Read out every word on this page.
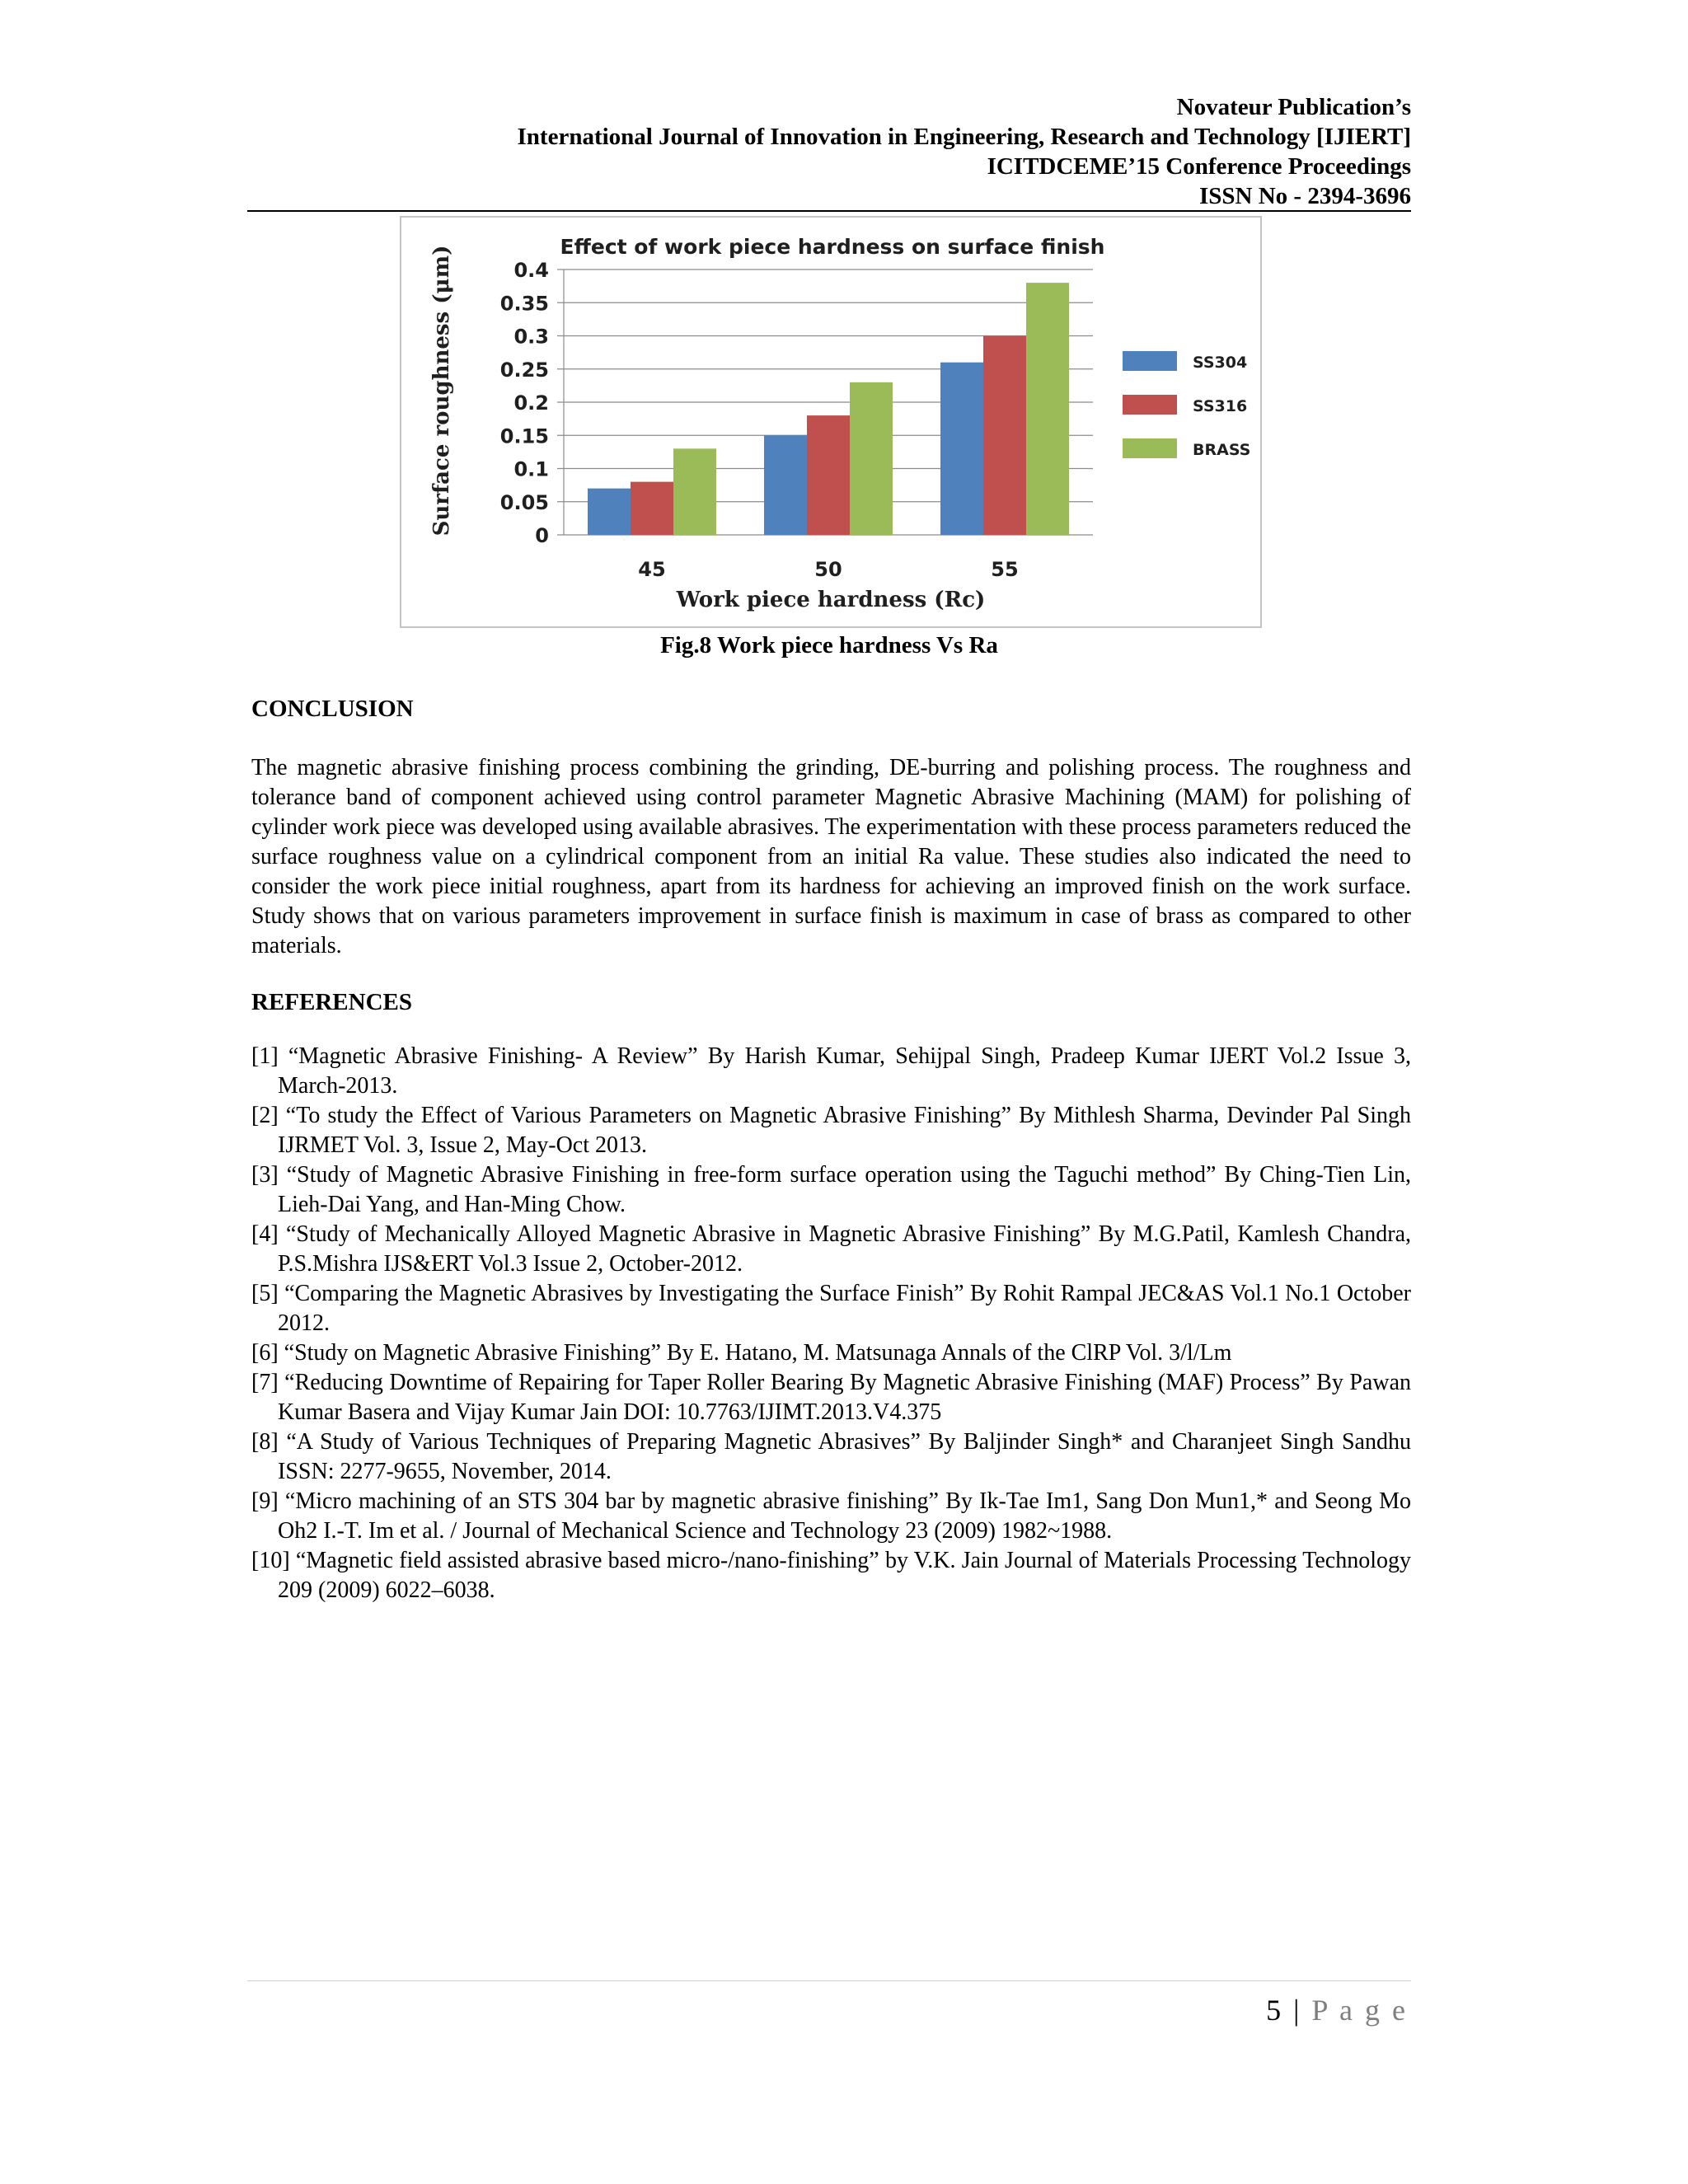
Novateur Publication’s
International Journal of Innovation in Engineering, Research and Technology [IJIERT]
ICITDCEME’15 Conference Proceedings
ISSN No - 2394-3696
0
0.05
0.1
0.15
0.2
0.25
0.3
0.35
0.4
45	50	55
SS304
SS316
BRASS
Effect of work piece hardness on surface finish
Work piece hardness (Rc)
Surface roughness (μm)
Fig.8 Work piece hardness Vs Ra
CONCLUSION

The magnetic abrasive finishing process combining the grinding, DE-burring and polishing process. The roughness and tolerance band of component achieved using control parameter Magnetic Abrasive Machining (MAM) for polishing of cylinder work piece was developed using available abrasives. The experimentation with these process parameters reduced the surface roughness value on a cylindrical component from an initial Ra value. These studies also indicated the need to consider the work piece initial roughness, apart from its hardness for achieving an improved finish on the work surface. Study shows that on various parameters improvement in surface finish is maximum in case of brass as compared to other materials.

REFERENCES
[1] “Magnetic Abrasive Finishing- A Review” By Harish Kumar, Sehijpal Singh, Pradeep Kumar IJERT Vol.2 Issue 3, March-2013.
[2] “To study the Effect of Various Parameters on Magnetic Abrasive Finishing” By Mithlesh Sharma, Devinder Pal Singh IJRMET Vol. 3, Issue 2, May-Oct 2013.
[3] “Study of Magnetic Abrasive Finishing in free-form surface operation using the Taguchi method” By Ching-Tien Lin, Lieh-Dai Yang, and Han-Ming Chow.
[4] “Study of Mechanically Alloyed Magnetic Abrasive in Magnetic Abrasive Finishing” By M.G.Patil, Kamlesh Chandra, P.S.Mishra IJS&ERT Vol.3 Issue 2, October-2012.
[5] “Comparing the Magnetic Abrasives by Investigating the Surface Finish” By Rohit Rampal JEC&AS Vol.1 No.1 October 2012.
[6] “Study on Magnetic Abrasive Finishing” By E. Hatano, M. Matsunaga Annals of the ClRP Vol. 3/l/Lm
[7] “Reducing Downtime of Repairing for Taper Roller Bearing By Magnetic Abrasive Finishing (MAF) Process” By Pawan Kumar Basera and Vijay Kumar Jain DOI: 10.7763/IJIMT.2013.V4.375
[8] “A Study of Various Techniques of Preparing Magnetic Abrasives” By Baljinder Singh* and Charanjeet Singh Sandhu ISSN: 2277-9655, November, 2014.
[9] “Micro machining of an STS 304 bar by magnetic abrasive finishing” By Ik-Tae Im1, Sang Don Mun1,* and Seong Mo Oh2 I.-T. Im et al. / Journal of Mechanical Science and Technology 23 (2009) 1982~1988.
[10] “Magnetic field assisted abrasive based micro-/nano-finishing” by V.K. Jain Journal of Materials Processing Technology 209 (2009) 6022–6038.
5 | P a g e
